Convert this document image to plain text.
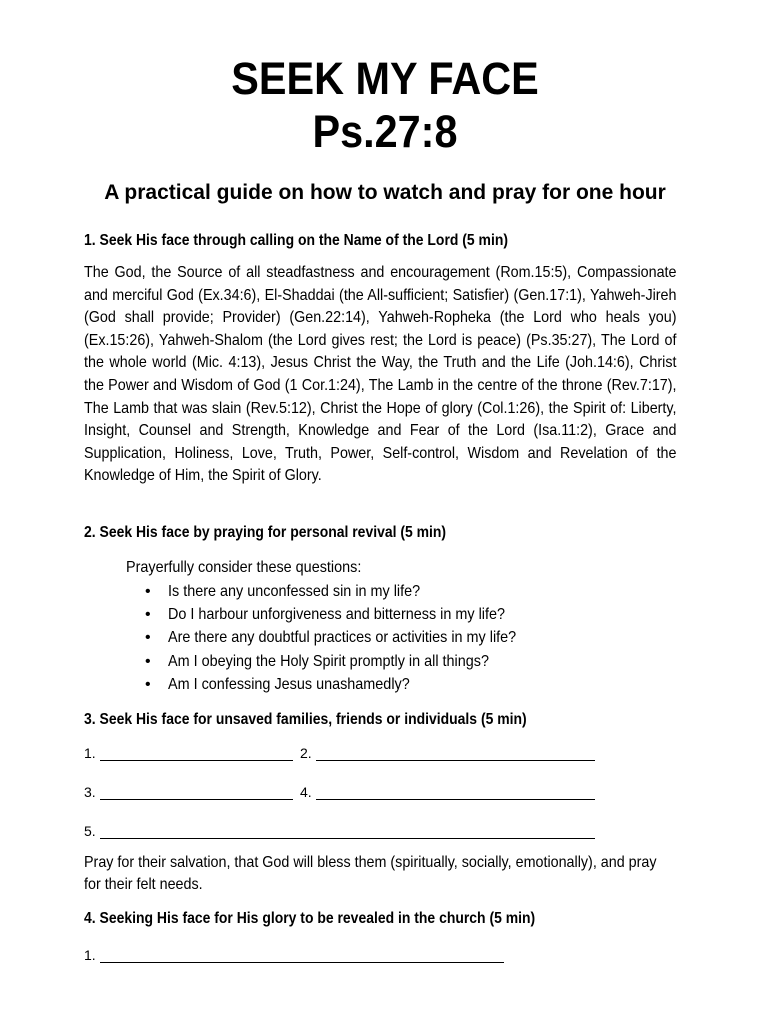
SEEK MY FACE
Ps.27:8
A practical guide on how to watch and pray for one hour
1. Seek His face through calling on the Name of the Lord (5 min)
The God, the Source of all steadfastness and encouragement (Rom.15:5), Compassionate and merciful God (Ex.34:6), El-Shaddai (the All-sufficient; Satisfier) (Gen.17:1), Yahweh-Jireh (God shall provide; Provider) (Gen.22:14), Yahweh-Ropheka (the Lord who heals you) (Ex.15:26), Yahweh-Shalom (the Lord gives rest; the Lord is peace) (Ps.35:27), The Lord of the whole world (Mic. 4:13), Jesus Christ the Way, the Truth and the Life (Joh.14:6), Christ the Power and Wisdom of God (1 Cor.1:24), The Lamb in the centre of the throne (Rev.7:17), The Lamb that was slain (Rev.5:12), Christ the Hope of glory (Col.1:26), the Spirit of: Liberty, Insight, Counsel and Strength, Knowledge and Fear of the Lord (Isa.11:2), Grace and Supplication, Holiness, Love, Truth, Power, Self-control, Wisdom and Revelation of the Knowledge of Him, the Spirit of Glory.
2. Seek His face by praying for personal revival (5 min)
Prayerfully consider these questions:
• Is there any unconfessed sin in my life?
• Do I harbour unforgiveness and bitterness in my life?
• Are there any doubtful practices or activities in my life?
• Am I obeying the Holy Spirit promptly in all things?
• Am I confessing Jesus unashamedly?
3. Seek His face for unsaved families, friends or individuals (5 min)
1.	2.
3.	4.
5.
Pray for their salvation, that God will bless them (spiritually, socially, emotionally), and pray for their felt needs.
4. Seeking His face for His glory to be revealed in the church (5 min)
1.
